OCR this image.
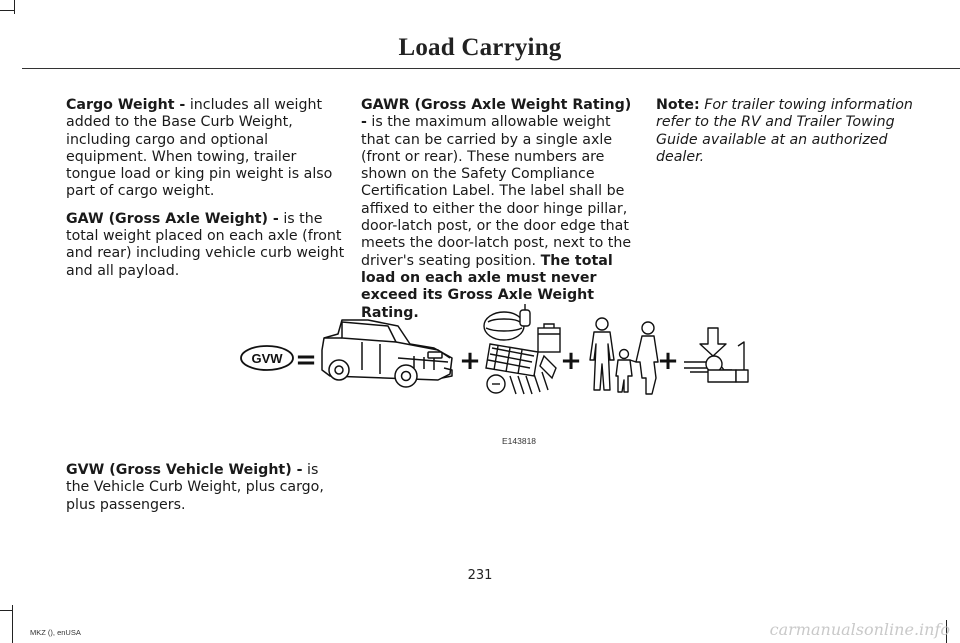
Load Carrying

Cargo Weight - includes all weight added to the Base Curb Weight, including cargo and optional equipment. When towing, trailer tongue load or king pin weight is also part of cargo weight.

GAW (Gross Axle Weight) - is the total weight placed on each axle (front and rear) including vehicle curb weight and all payload.

GAWR (Gross Axle Weight Rating) - is the maximum allowable weight that can be carried by a single axle (front or rear). These numbers are shown on the Safety Compliance Certification Label. The label shall be affixed to either the door hinge pillar, door-latch post, or the door edge that meets the door-latch post, next to the driver's seating position. The total load on each axle must never exceed its Gross Axle Weight Rating.

Note: For trailer towing information refer to the RV and Trailer Towing Guide available at an authorized dealer.

GVW =	+	+	+
E143818
GVW (Gross Vehicle Weight) - is the Vehicle Curb Weight, plus cargo, plus passengers.
231
MKZ (), enUSA	carmanualsonline.info
